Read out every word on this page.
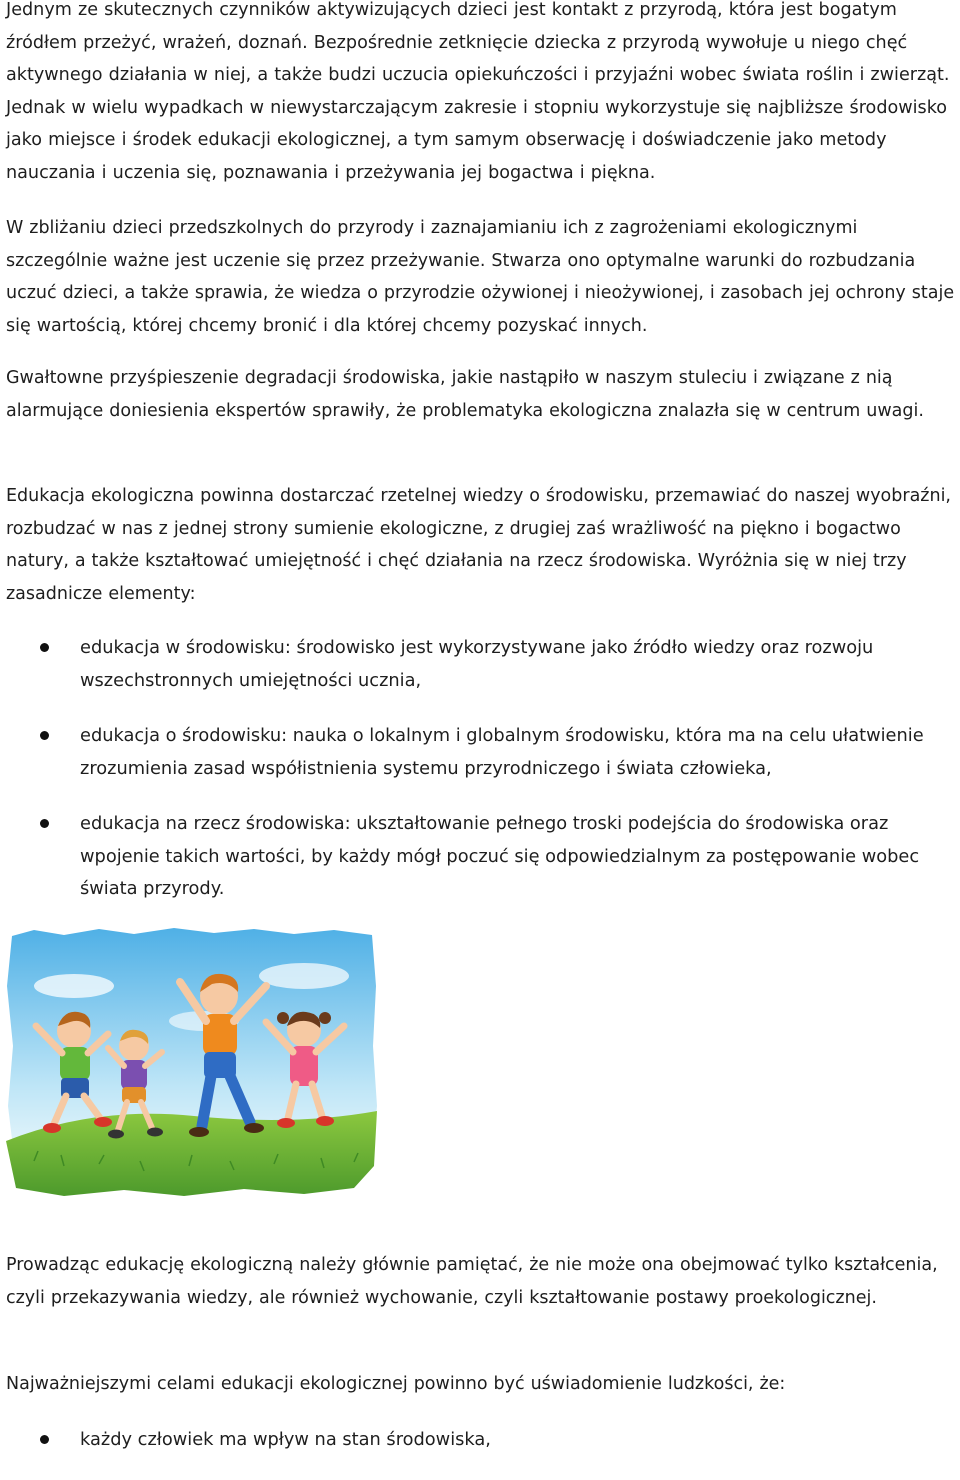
Jednym ze skutecznych czynników aktywizujących dzieci jest kontakt z przyrodą, która jest bogatym źródłem przeżyć, wrażeń, doznań. Bezpośrednie zetknięcie dziecka z przyrodą wywołuje u niego chęć aktywnego działania w niej, a także budzi uczucia opiekuńczości i przyjaźni wobec świata roślin i zwierząt. Jednak w wielu wypadkach w niewystarczającym zakresie i stopniu wykorzystuje się najbliższe środowisko jako miejsce i środek edukacji ekologicznej, a tym samym obserwację i doświadczenie jako metody nauczania i uczenia się, poznawania i przeżywania jej bogactwa i piękna.

W zbliżaniu dzieci przedszkolnych do przyrody i zaznajamianiu ich z zagrożeniami ekologicznymi szczególnie ważne jest uczenie się przez przeżywanie. Stwarza ono optymalne warunki do rozbudzania uczuć dzieci, a także sprawia, że wiedza o przyrodzie ożywionej i nieożywionej, i zasobach jej ochrony staje się wartością, której chcemy bronić i dla której chcemy pozyskać innych.

Gwałtowne przyśpieszenie degradacji środowiska, jakie nastąpiło w naszym stuleciu i związane z nią alarmujące doniesienia ekspertów sprawiły, że problematyka ekologiczna znalazła się w centrum uwagi.

Edukacja ekologiczna powinna dostarczać rzetelnej wiedzy o środowisku, przemawiać do naszej wyobraźni, rozbudzać w nas z jednej strony sumienie ekologiczne, z drugiej zaś wrażliwość na piękno i bogactwo natury, a także kształtować umiejętność i chęć działania na rzecz środowiska. Wyróżnia się w niej trzy zasadnicze elementy:

edukacja w środowisku: środowisko jest wykorzystywane jako źródło wiedzy oraz rozwoju wszechstronnych umiejętności ucznia,
edukacja o środowisku: nauka o lokalnym i globalnym środowisku, która ma na celu ułatwienie zrozumienia zasad współistnienia systemu przyrodniczego i świata człowieka,
edukacja na rzecz środowiska: ukształtowanie pełnego troski podejścia do środowiska oraz wpojenie takich wartości, by każdy mógł poczuć się odpowiedzialnym za postępowanie wobec świata przyrody.

Prowadząc edukację ekologiczną należy głównie pamiętać, że nie może ona obejmować tylko kształcenia, czyli przekazywania wiedzy, ale również wychowanie, czyli kształtowanie postawy proekologicznej.

Najważniejszymi celami edukacji ekologicznej powinno być uświadomienie ludzkości, że:

każdy człowiek ma wpływ na stan środowiska,
